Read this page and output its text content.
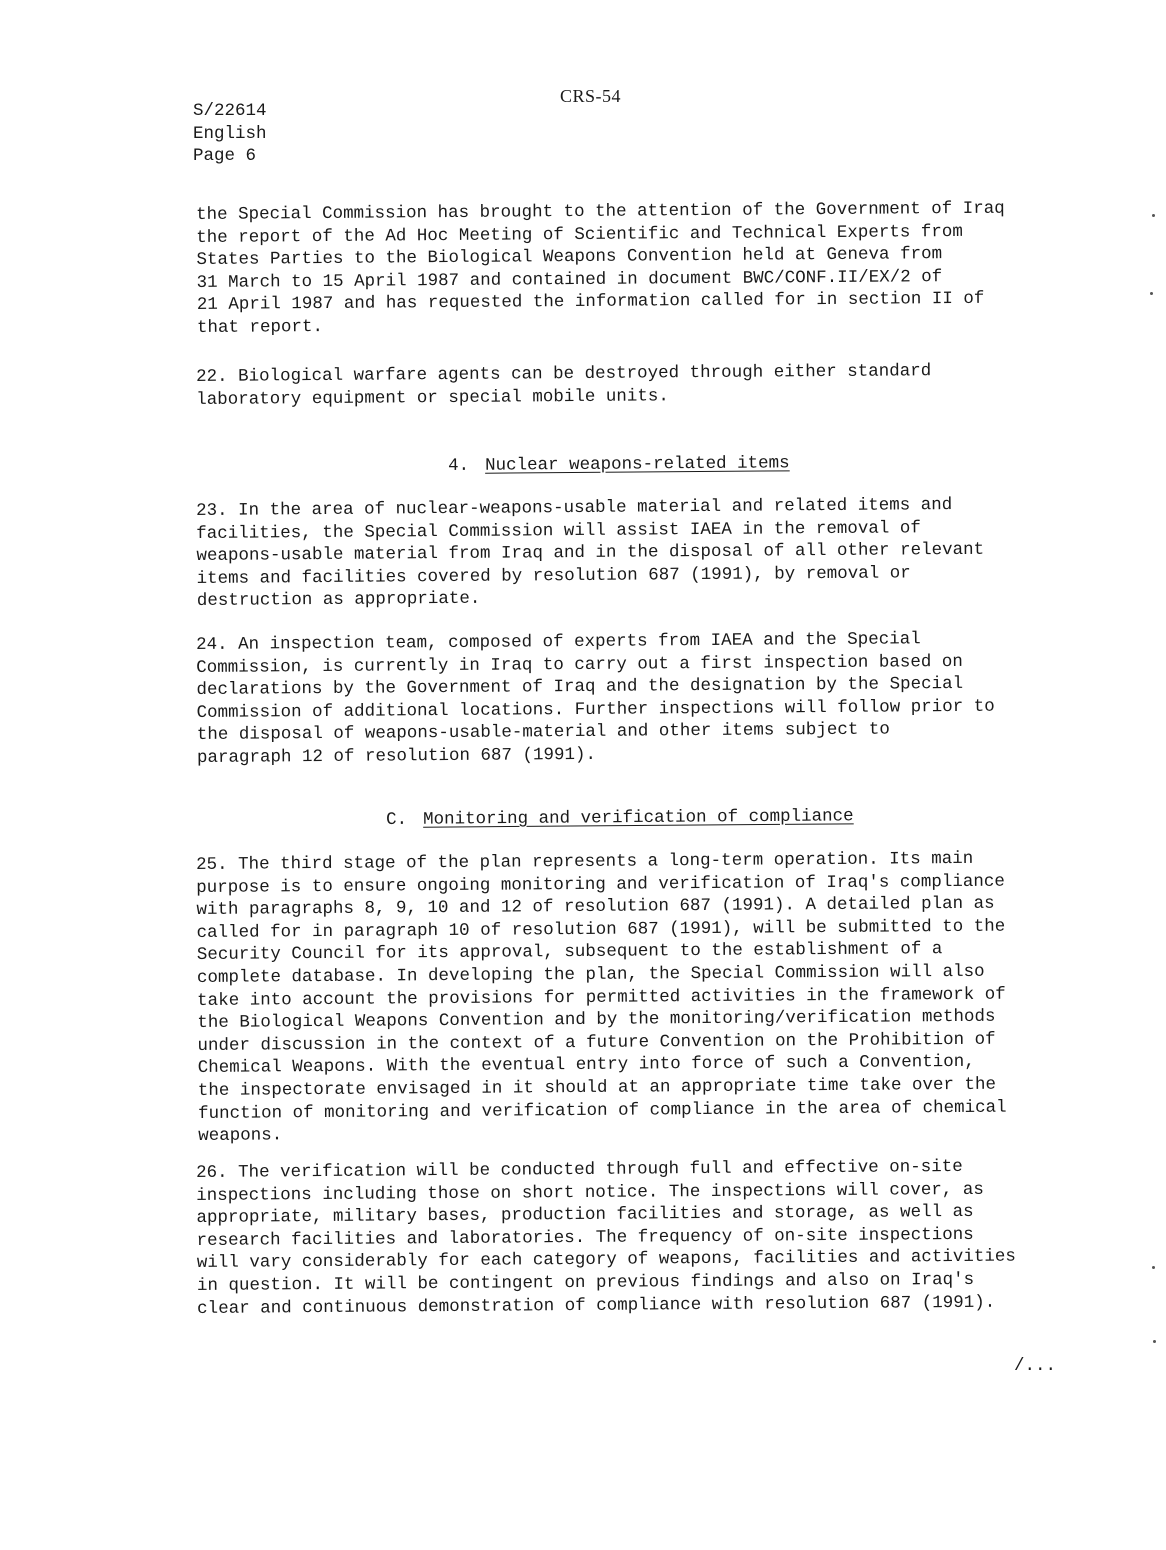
CRS-54
S/22614
English
Page 6
the Special Commission has brought to the attention of the Government of Iraq
the report of the Ad Hoc Meeting of Scientific and Technical Experts from
States Parties to the Biological Weapons Convention held at Geneva from
31 March to 15 April 1987 and contained in document BWC/CONF.II/EX/2 of
21 April 1987 and has requested the information called for in section II of
that report.
22. Biological warfare agents can be destroyed through either standard
laboratory equipment or special mobile units.
4. Nuclear weapons-related items
23. In the area of nuclear-weapons-usable material and related items and
facilities, the Special Commission will assist IAEA in the removal of
weapons-usable material from Iraq and in the disposal of all other relevant
items and facilities covered by resolution 687 (1991), by removal or
destruction as appropriate.
24. An inspection team, composed of experts from IAEA and the Special
Commission, is currently in Iraq to carry out a first inspection based on
declarations by the Government of Iraq and the designation by the Special
Commission of additional locations. Further inspections will follow prior to
the disposal of weapons-usable-material and other items subject to
paragraph 12 of resolution 687 (1991).
C. Monitoring and verification of compliance
25. The third stage of the plan represents a long-term operation. Its main
purpose is to ensure ongoing monitoring and verification of Iraq's compliance
with paragraphs 8, 9, 10 and 12 of resolution 687 (1991). A detailed plan as
called for in paragraph 10 of resolution 687 (1991), will be submitted to the
Security Council for its approval, subsequent to the establishment of a
complete database. In developing the plan, the Special Commission will also
take into account the provisions for permitted activities in the framework of
the Biological Weapons Convention and by the monitoring/verification methods
under discussion in the context of a future Convention on the Prohibition of
Chemical Weapons. With the eventual entry into force of such a Convention,
the inspectorate envisaged in it should at an appropriate time take over the
function of monitoring and verification of compliance in the area of chemical
weapons.
26. The verification will be conducted through full and effective on-site
inspections including those on short notice. The inspections will cover, as
appropriate, military bases, production facilities and storage, as well as
research facilities and laboratories. The frequency of on-site inspections
will vary considerably for each category of weapons, facilities and activities
in question. It will be contingent on previous findings and also on Iraq's
clear and continuous demonstration of compliance with resolution 687 (1991).
/...
